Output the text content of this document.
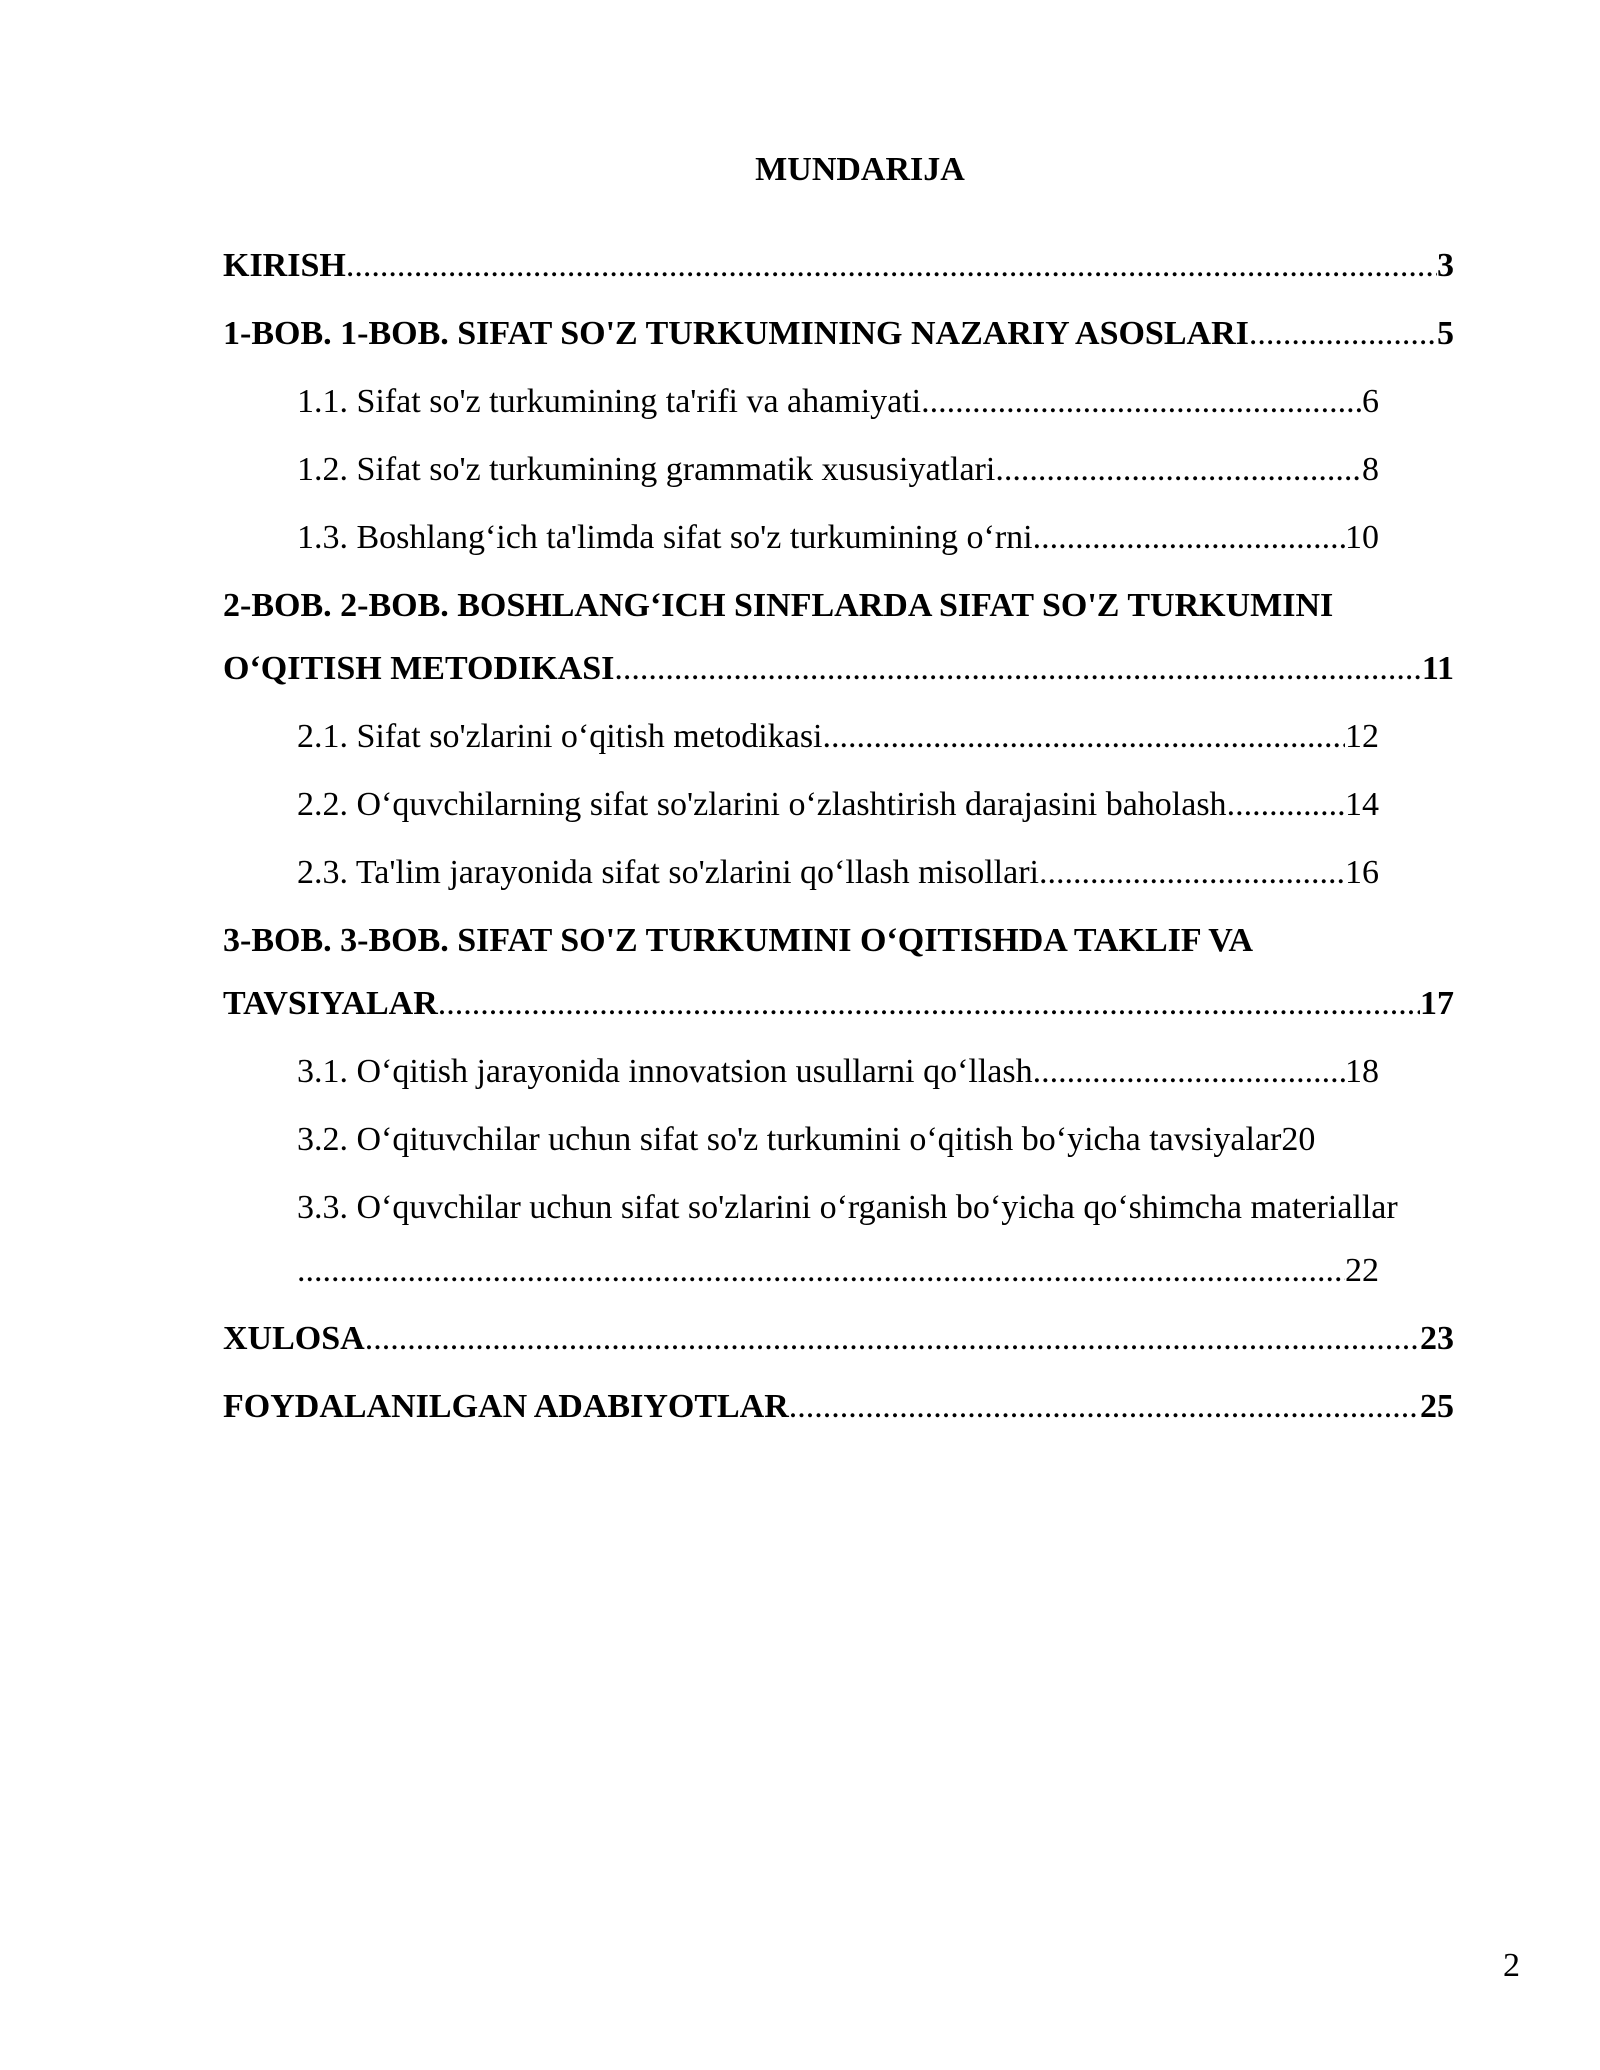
MUNDARIJA
KIRISH .....	3
1-BOB. 1-BOB. SIFAT SO'Z TURKUMINING NAZARIY ASOSLARI .....	5
1.1. Sifat so'z turkumining ta'rifi va ahamiyati .....	6
1.2. Sifat so'z turkumining grammatik xususiyatlari .....	8
1.3. Boshlang‘ich ta'limda sifat so'z turkumining o‘rni .....	10
2-BOB. 2-BOB. BOSHLANG‘ICH SINFLARDA SIFAT SO'Z TURKUMINI
O‘QITISH METODIKASI .....	11
2.1. Sifat so'zlarini o‘qitish metodikasi .....	12
2.2. O‘quvchilarning sifat so'zlarini o‘zlashtirish darajasini baholash .....	14
2.3. Ta'lim jarayonida sifat so'zlarini qo‘llash misollari .....	16
3-BOB. 3-BOB. SIFAT SO'Z TURKUMINI O‘QITISHDA TAKLIF VA
TAVSIYALAR .....	17
3.1. O‘qitish jarayonida innovatsion usullarni qo‘llash .....	18
3.2. O‘qituvchilar uchun sifat so'z turkumini o‘qitish bo‘yicha tavsiyalar 20
3.3. O‘quvchilar uchun sifat so'zlarini o‘rganish bo‘yicha qo‘shimcha materiallar
.....
22
XULOSA .....	23
FOYDALANILGAN ADABIYOTLAR .....	25
2
